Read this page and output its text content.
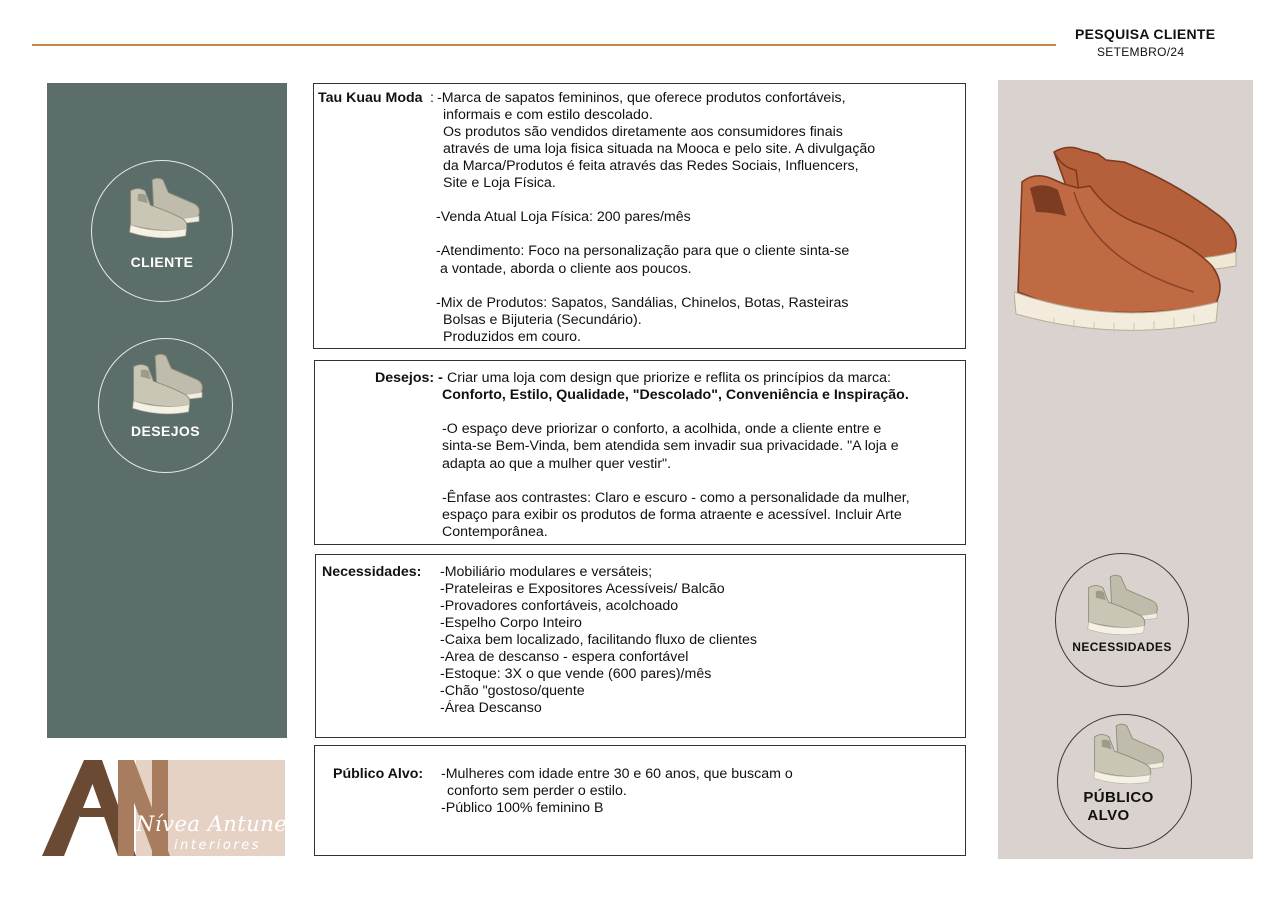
PESQUISA CLIENTE
SETEMBRO/24
CLIENTE
DESEJOS
Nívea Antunes
interiores
NECESSIDADES
PÚBLICO
ALVO
Tau Kuau Moda : -Marca de sapatos femininos, que oferece produtos confortáveis,
informais e com estilo descolado.
Os produtos são vendidos diretamente aos consumidores finais
através de uma loja fisica situada na Mooca e pelo site. A divulgação
da Marca/Produtos é feita através das Redes Sociais, Influencers,
Site e Loja Física.
-Venda Atual Loja Física: 200 pares/mês
-Atendimento: Foco na personalização para que o cliente sinta-se
a vontade, aborda o cliente aos poucos.
-Mix de Produtos: Sapatos, Sandálias, Chinelos, Botas, Rasteiras
Bolsas e Bijuteria (Secundário).
Produzidos em couro.
Desejos: - Criar uma loja com design que priorize e reflita os princípios da marca:
Conforto, Estilo, Qualidade, "Descolado", Conveniência e Inspiração.
-O espaço deve priorizar o conforto, a acolhida, onde a cliente entre e
sinta-se Bem-Vinda, bem atendida sem invadir sua privacidade. "A loja e
adapta ao que a mulher quer vestir".
-Ênfase aos contrastes: Claro e escuro - como a personalidade da mulher,
espaço para exibir os produtos de forma atraente e acessível. Incluir Arte
Contemporânea.
Necessidades: -Mobiliário modulares e versáteis;
-Prateleiras e Expositores Acessíveis/ Balcão
-Provadores confortáveis, acolchoado
-Espelho Corpo Inteiro
-Caixa bem localizado, facilitando fluxo de clientes
-Area de descanso - espera confortável
-Estoque: 3X o que vende (600 pares)/mês
-Chão "gostoso/quente
-Área Descanso
Público Alvo: -Mulheres com idade entre 30 e 60 anos, que buscam o
conforto sem perder o estilo.
-Público 100% feminino B
